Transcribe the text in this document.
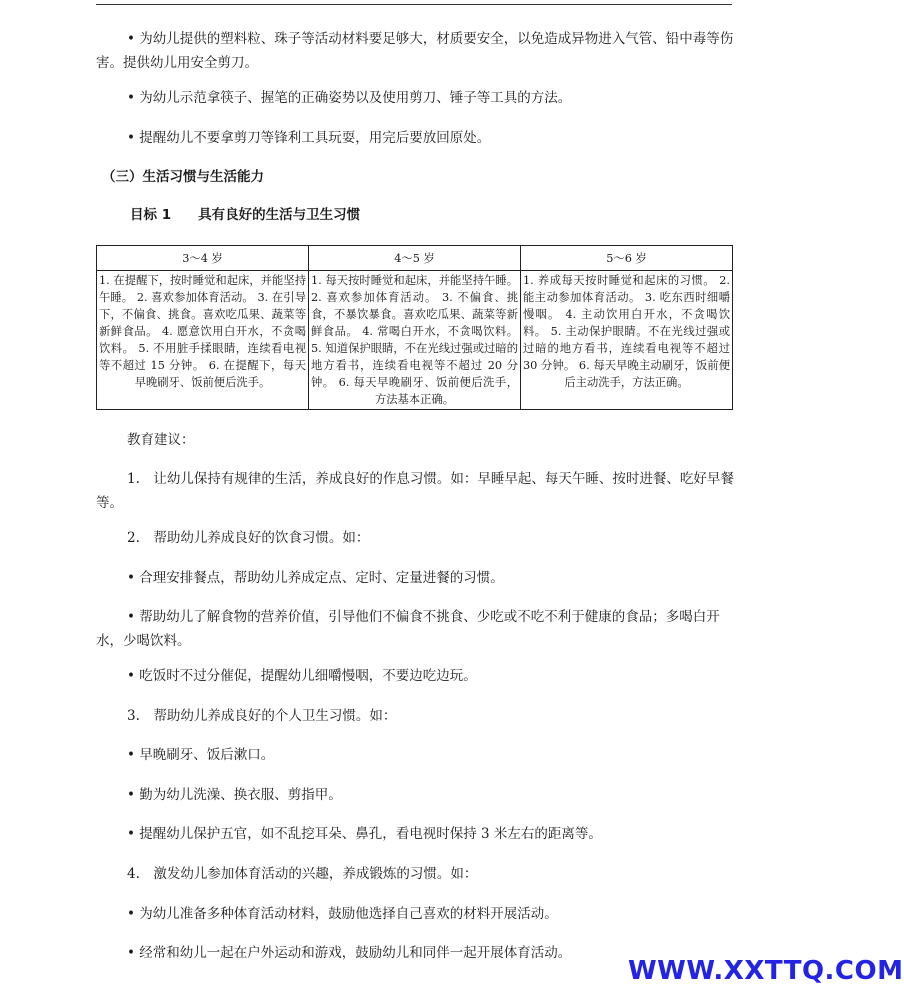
• 为幼儿提供的塑料粒、珠子等活动材料要足够大，材质要安全，以免造成异物进入气管、铅中毒等伤害。提供幼儿用安全剪刀。

• 为幼儿示范拿筷子、握笔的正确姿势以及使用剪刀、锤子等工具的方法。

• 提醒幼儿不要拿剪刀等锋利工具玩耍，用完后要放回原处。

（三）生活习惯与生活能力

目标 1　　具有良好的生活与卫生习惯

3～4 岁	4～5 岁	5～6 岁
1. 在提醒下，按时睡觉和起床，并能坚持午睡。 2. 喜欢参加体育活动。 3. 在引导下，不偏食、挑食。喜欢吃瓜果、蔬菜等新鲜食品。 4. 愿意饮用白开水，不贪喝饮料。 5. 不用脏手揉眼睛，连续看电视等不超过 15 分钟。 6. 在提醒下，每天早晚刷牙、饭前便后洗手。	1. 每天按时睡觉和起床，并能坚持午睡。 2. 喜欢参加体育活动。 3. 不偏食、挑食，不暴饮暴食。喜欢吃瓜果、蔬菜等新鲜食品。 4. 常喝白开水，不贪喝饮料。 5. 知道保护眼睛，不在光线过强或过暗的地方看书，连续看电视等不超过 20 分钟。 6. 每天早晚刷牙、饭前便后洗手，方法基本正确。	1. 养成每天按时睡觉和起床的习惯。 2. 能主动参加体育活动。 3. 吃东西时细嚼慢咽。 4. 主动饮用白开水，不贪喝饮料。 5. 主动保护眼睛。不在光线过强或过暗的地方看书，连续看电视等不超过 30 分钟。 6. 每天早晚主动刷牙，饭前便后主动洗手，方法正确。

教育建议：

1.　让幼儿保持有规律的生活，养成良好的作息习惯。如：早睡早起、每天午睡、按时进餐、吃好早餐等。

2.　帮助幼儿养成良好的饮食习惯。如：

• 合理安排餐点，帮助幼儿养成定点、定时、定量进餐的习惯。

• 帮助幼儿了解食物的营养价值，引导他们不偏食不挑食、少吃或不吃不利于健康的食品；多喝白开水，少喝饮料。

• 吃饭时不过分催促，提醒幼儿细嚼慢咽，不要边吃边玩。

3.　帮助幼儿养成良好的个人卫生习惯。如：

• 早晚刷牙、饭后漱口。

• 勤为幼儿洗澡、换衣服、剪指甲。

• 提醒幼儿保护五官，如不乱挖耳朵、鼻孔，看电视时保持 3 米左右的距离等。

4.　激发幼儿参加体育活动的兴趣，养成锻炼的习惯。如：

• 为幼儿准备多种体育活动材料，鼓励他选择自己喜欢的材料开展活动。

• 经常和幼儿一起在户外运动和游戏，鼓励幼儿和同伴一起开展体育活动。

WWW.XXTTQ.COM
